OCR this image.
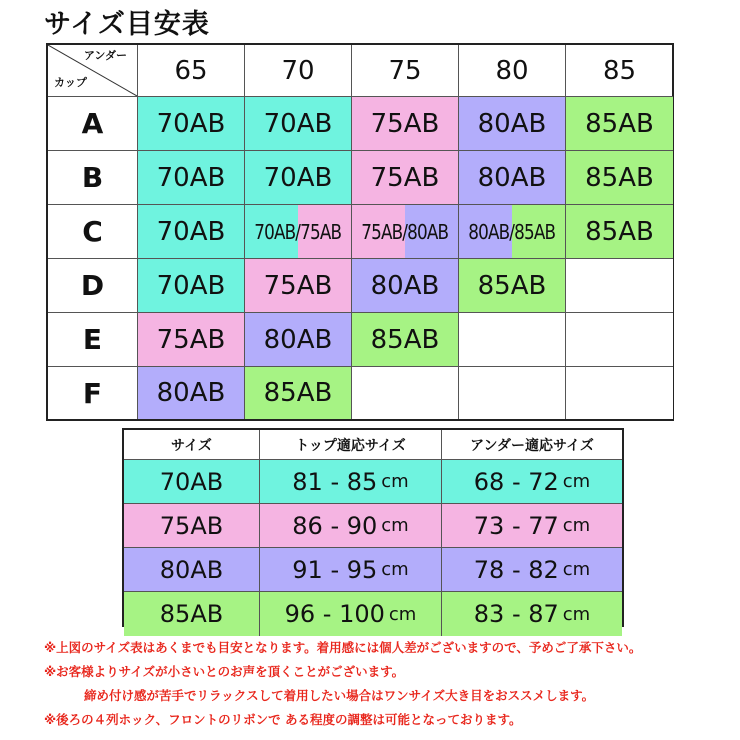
サイズ目安表
アンダー
カップ	65	70	75	80	85
A	70AB 70AB 75AB 80AB 85AB
B	70AB 70AB 75AB 80AB 85AB
C	70AB 70AB/75AB 75AB/80AB 80AB/85AB 85AB
D	70AB 75AB 80AB 85AB
E	75AB 80AB 85AB
F	80AB 85AB
サイズ	トップ適応サイズ	アンダー適応サイズ
70AB	81 - 85 cm	68 - 72 cm
75AB	86 - 90 cm	73 - 77 cm
80AB	91 - 95 cm	78 - 82 cm
85AB	96 - 100 cm 83 - 87 cm
※上図のサイズ表はあくまでも目安となります。着用感には個人差がございますので、予めご了承下さい。
※お客様よりサイズが小さいとのお声を頂くことがございます。
締め付け感が苦手でリラックスして着用したい場合はワンサイズ大き目をおススメします。
※後ろの４列ホック、フロントのリボンで ある程度の調整は可能となっております。
